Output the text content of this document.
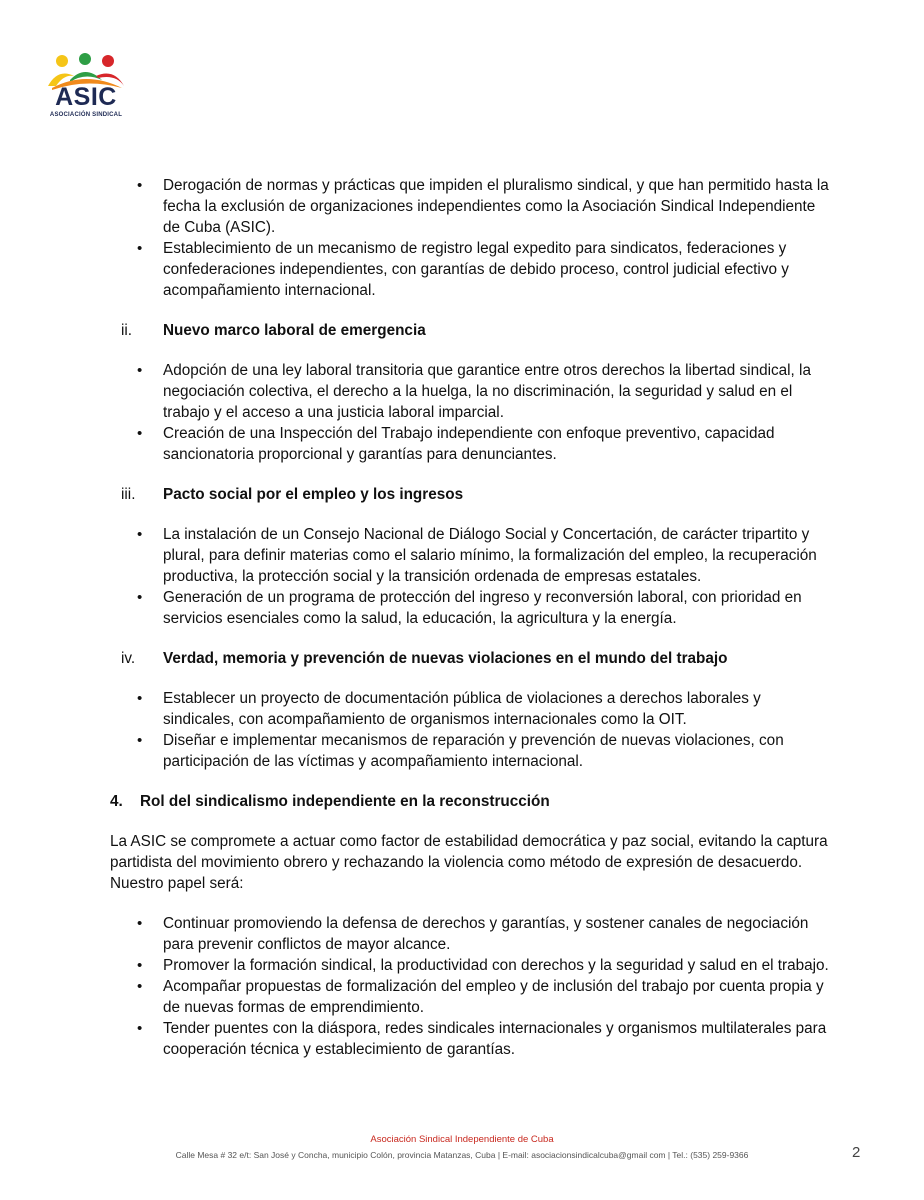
ASIC
ASOCIACIÓN SINDICAL
• Derogación de normas y prácticas que impiden el pluralismo sindical, y que han permitido hasta la fecha la exclusión de organizaciones independientes como la Asociación Sindical Independiente de Cuba (ASIC).
• Establecimiento de un mecanismo de registro legal expedito para sindicatos, federaciones y confederaciones independientes, con garantías de debido proceso, control judicial efectivo y acompañamiento internacional.
ii. Nuevo marco laboral de emergencia
• Adopción de una ley laboral transitoria que garantice entre otros derechos la libertad sindical, la negociación colectiva, el derecho a la huelga, la no discriminación, la seguridad y salud en el trabajo y el acceso a una justicia laboral imparcial.
• Creación de una Inspección del Trabajo independiente con enfoque preventivo, capacidad sancionatoria proporcional y garantías para denunciantes.
iii. Pacto social por el empleo y los ingresos
• La instalación de un Consejo Nacional de Diálogo Social y Concertación, de carácter tripartito y plural, para definir materias como el salario mínimo, la formalización del empleo, la recuperación productiva, la protección social y la transición ordenada de empresas estatales.
• Generación de un programa de protección del ingreso y reconversión laboral, con prioridad en servicios esenciales como la salud, la educación, la agricultura y la energía.
iv. Verdad, memoria y prevención de nuevas violaciones en el mundo del trabajo
• Establecer un proyecto de documentación pública de violaciones a derechos laborales y sindicales, con acompañamiento de organismos internacionales como la OIT.
• Diseñar e implementar mecanismos de reparación y prevención de nuevas violaciones, con participación de las víctimas y acompañamiento internacional.
4. Rol del sindicalismo independiente en la reconstrucción

La ASIC se compromete a actuar como factor de estabilidad democrática y paz social, evitando la captura partidista del movimiento obrero y rechazando la violencia como método de expresión de desacuerdo. Nuestro papel será:

• Continuar promoviendo la defensa de derechos y garantías, y sostener canales de negociación para prevenir conflictos de mayor alcance.
• Promover la formación sindical, la productividad con derechos y la seguridad y salud en el trabajo.
• Acompañar propuestas de formalización del empleo y de inclusión del trabajo por cuenta propia y de nuevas formas de emprendimiento.
• Tender puentes con la diáspora, redes sindicales internacionales y organismos multilaterales para cooperación técnica y establecimiento de garantías.
Asociación Sindical Independiente de Cuba
Calle Mesa # 32 e/t: San José y Concha, municipio Colón, provincia Matanzas, Cuba | E-mail: asociacionsindicalcuba@gmail com | Tel.: (535) 259-9366	2
